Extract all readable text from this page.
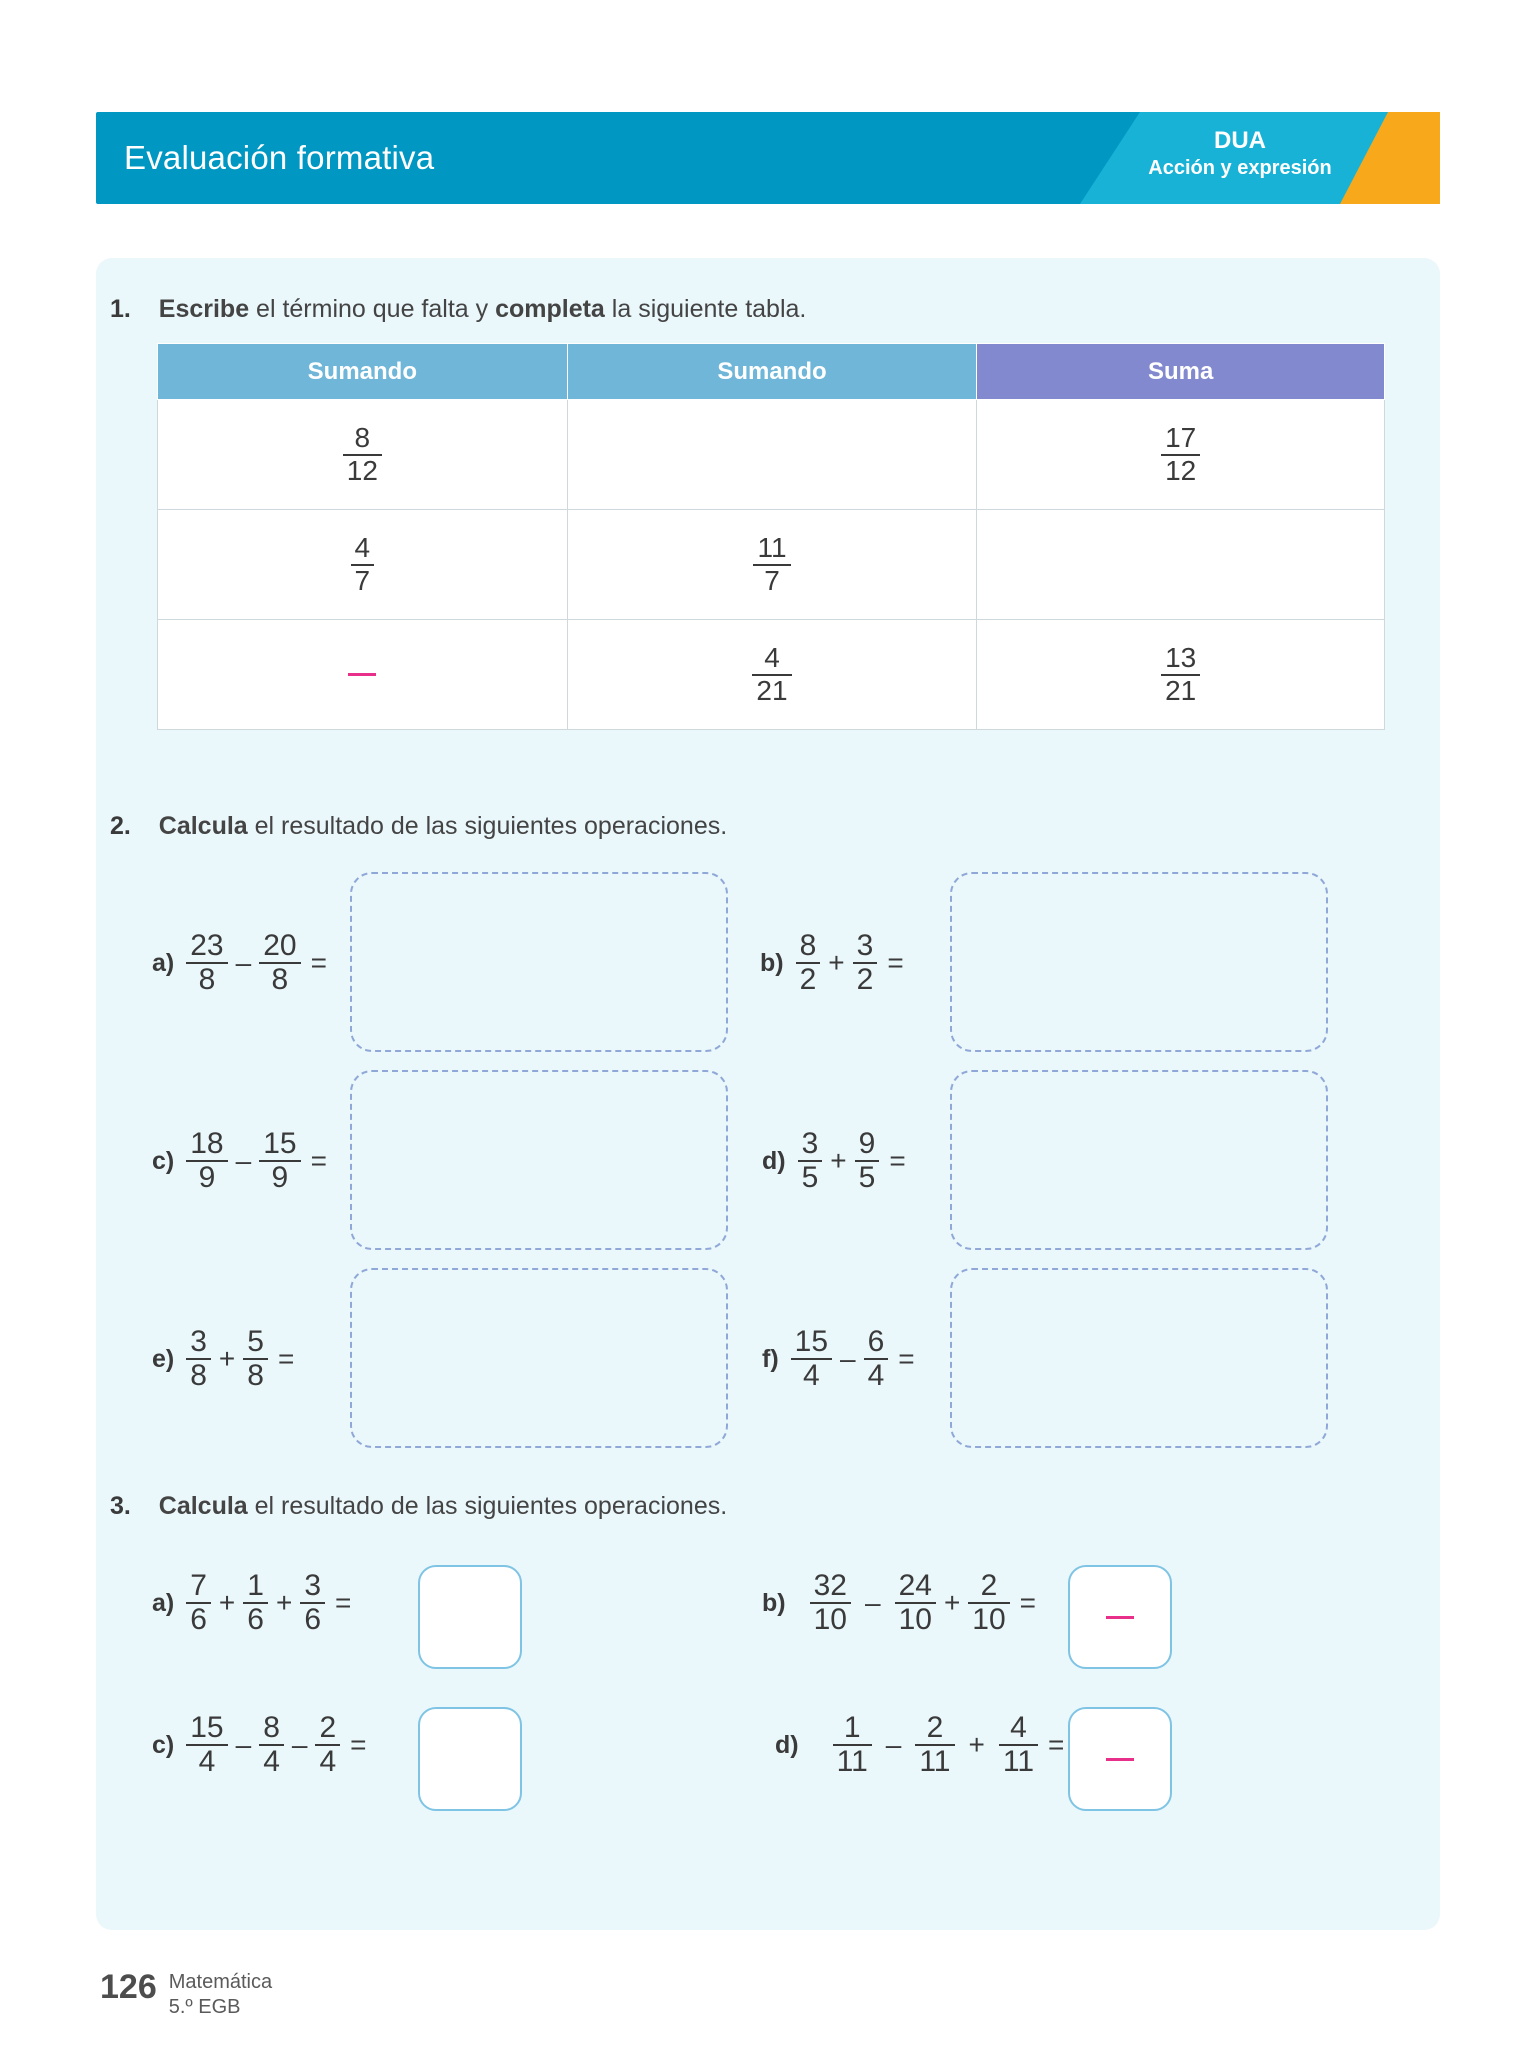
Evaluación formativa	DUA
Acción y expresión
1. Escribe el término que falta y completa la siguiente tabla.
Sumando	Sumando	Suma

$\frac{8}{12}$		$\frac{17}{12}$

$\frac{4}{7}$	$\frac{11}{7}$

	$\frac{4}{21}$	$\frac{13}{21}$
2. Calcula el resultado de las siguientes operaciones.
$a) \frac{23}{8} - \frac{20}{8}$ =	$b) \frac{8}{2} + \frac{3}{2}$ =
$c) \frac{18}{9} - \frac{15}{9}$ =	$d) \frac{3}{5} + \frac{9}{5}$ =
$e) \frac{3}{8} + \frac{5}{8}$ =	$f) \frac{15}{4} - \frac{6}{4}$ =
3. Calcula el resultado de las siguientes operaciones.
$a) \frac{7}{6} + \frac{1}{6} + \frac{3}{6}$ =	$b) \frac{32}{10} - \frac{24}{10} + \frac{2}{10}$ =
$c) \frac{15}{4} - \frac{8}{4} - \frac{2}{4}$ =	$d) \frac{1}{11} - \frac{2}{11} + \frac{4}{11}$ =
126 Matemática
5.º EGB
